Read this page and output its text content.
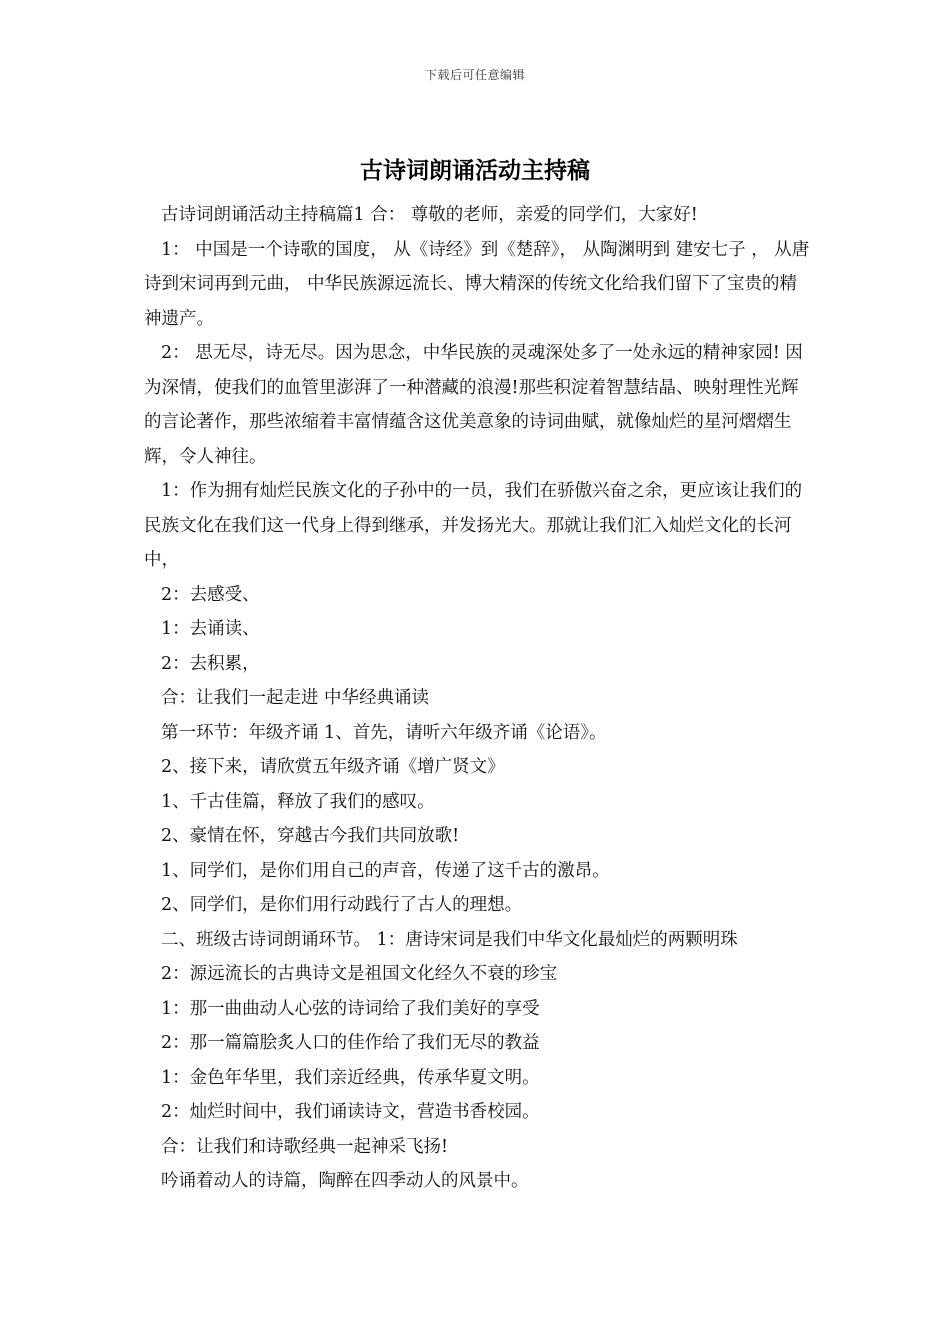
下载后可任意编辑
古诗词朗诵活动主持稿

古诗词朗诵活动主持稿篇1 合： 尊敬的老师，亲爱的同学们，大家好!

1： 中国是一个诗歌的国度， 从《诗经》到《楚辞》， 从陶渊明到 建安七子 ， 从唐诗到宋词再到元曲， 中华民族源远流长、博大精深的传统文化给我们留下了宝贵的精神遗产。

2： 思无尽，诗无尽。因为思念，中华民族的灵魂深处多了一处永远的精神家园! 因为深情，使我们的血管里澎湃了一种潜藏的浪漫!那些积淀着智慧结晶、映射理性光辉的言论著作，那些浓缩着丰富情蕴含这优美意象的诗词曲赋，就像灿烂的星河熠熠生辉，令人神往。

1：作为拥有灿烂民族文化的子孙中的一员，我们在骄傲兴奋之余，更应该让我们的民族文化在我们这一代身上得到继承，并发扬光大。那就让我们汇入灿烂文化的长河中，

2：去感受、

1：去诵读、

2：去积累，

合：让我们一起走进 中华经典诵读

第一环节：年级齐诵 1、首先，请听六年级齐诵《论语》。

2、接下来，请欣赏五年级齐诵《增广贤文》

1、千古佳篇，释放了我们的感叹。

2、豪情在怀，穿越古今我们共同放歌!

1、同学们，是你们用自己的声音，传递了这千古的激昂。

2、同学们，是你们用行动践行了古人的理想。

二、班级古诗词朗诵环节。 1：唐诗宋词是我们中华文化最灿烂的两颗明珠

2：源远流长的古典诗文是祖国文化经久不衰的珍宝

1：那一曲曲动人心弦的诗词给了我们美好的享受

2：那一篇篇脍炙人口的佳作给了我们无尽的教益

1：金色年华里，我们亲近经典，传承华夏文明。

2：灿烂时间中，我们诵读诗文，营造书香校园。

合：让我们和诗歌经典一起神采飞扬!

吟诵着动人的诗篇，陶醉在四季动人的风景中。
